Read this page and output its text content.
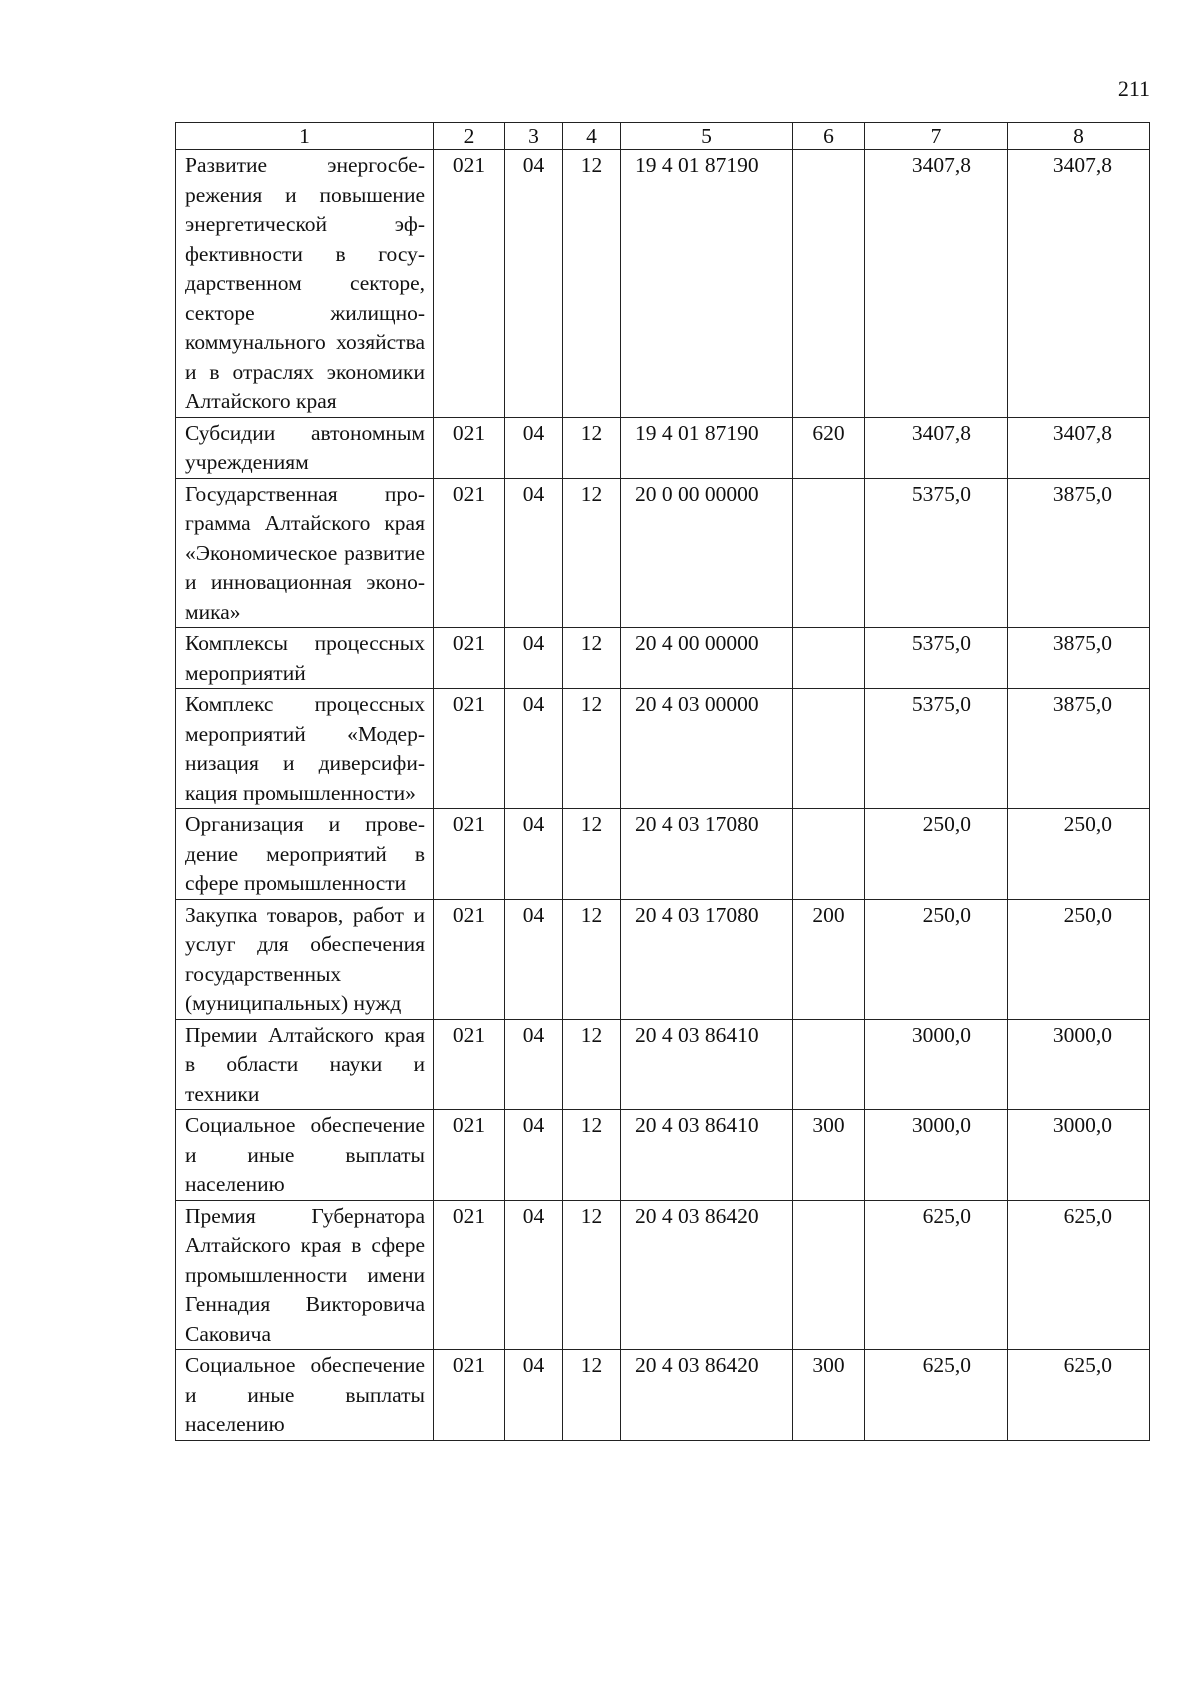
211
1	2	3	4	5	6	7	8
Развитие энергосбережения и повышение энергетической эффективности в государственном секторе, секторе жилищно-коммунального хозяйства и в отраслях экономики Алтайского края	021	04	12	19 4 01 87190		3407,8	3407,8
Субсидии автономным учреждениям	021	04	12	19 4 01 87190	620	3407,8	3407,8
Государственная программа Алтайского края «Экономическое развитие и инновационная экономика»	021	04	12	20 0 00 00000		5375,0	3875,0
Комплексы процессных мероприятий	021	04	12	20 4 00 00000		5375,0	3875,0
Комплекс процессных мероприятий «Модернизация и диверсификация промышленности»	021	04	12	20 4 03 00000		5375,0	3875,0
Организация и проведение мероприятий в сфере промышленности	021	04	12	20 4 03 17080		250,0	250,0
Закупка товаров, работ и услуг для обеспечения государственных (муниципальных) нужд	021	04	12	20 4 03 17080	200	250,0	250,0
Премии Алтайского края в области науки и техники	021	04	12	20 4 03 86410		3000,0	3000,0
Социальное обеспечение и иные выплаты населению	021	04	12	20 4 03 86410	300	3000,0	3000,0
Премия Губернатора Алтайского края в сфере промышленности имени Геннадия Викторовича Саковича	021	04	12	20 4 03 86420		625,0	625,0
Социальное обеспечение и иные выплаты населению	021	04	12	20 4 03 86420	300	625,0	625,0
